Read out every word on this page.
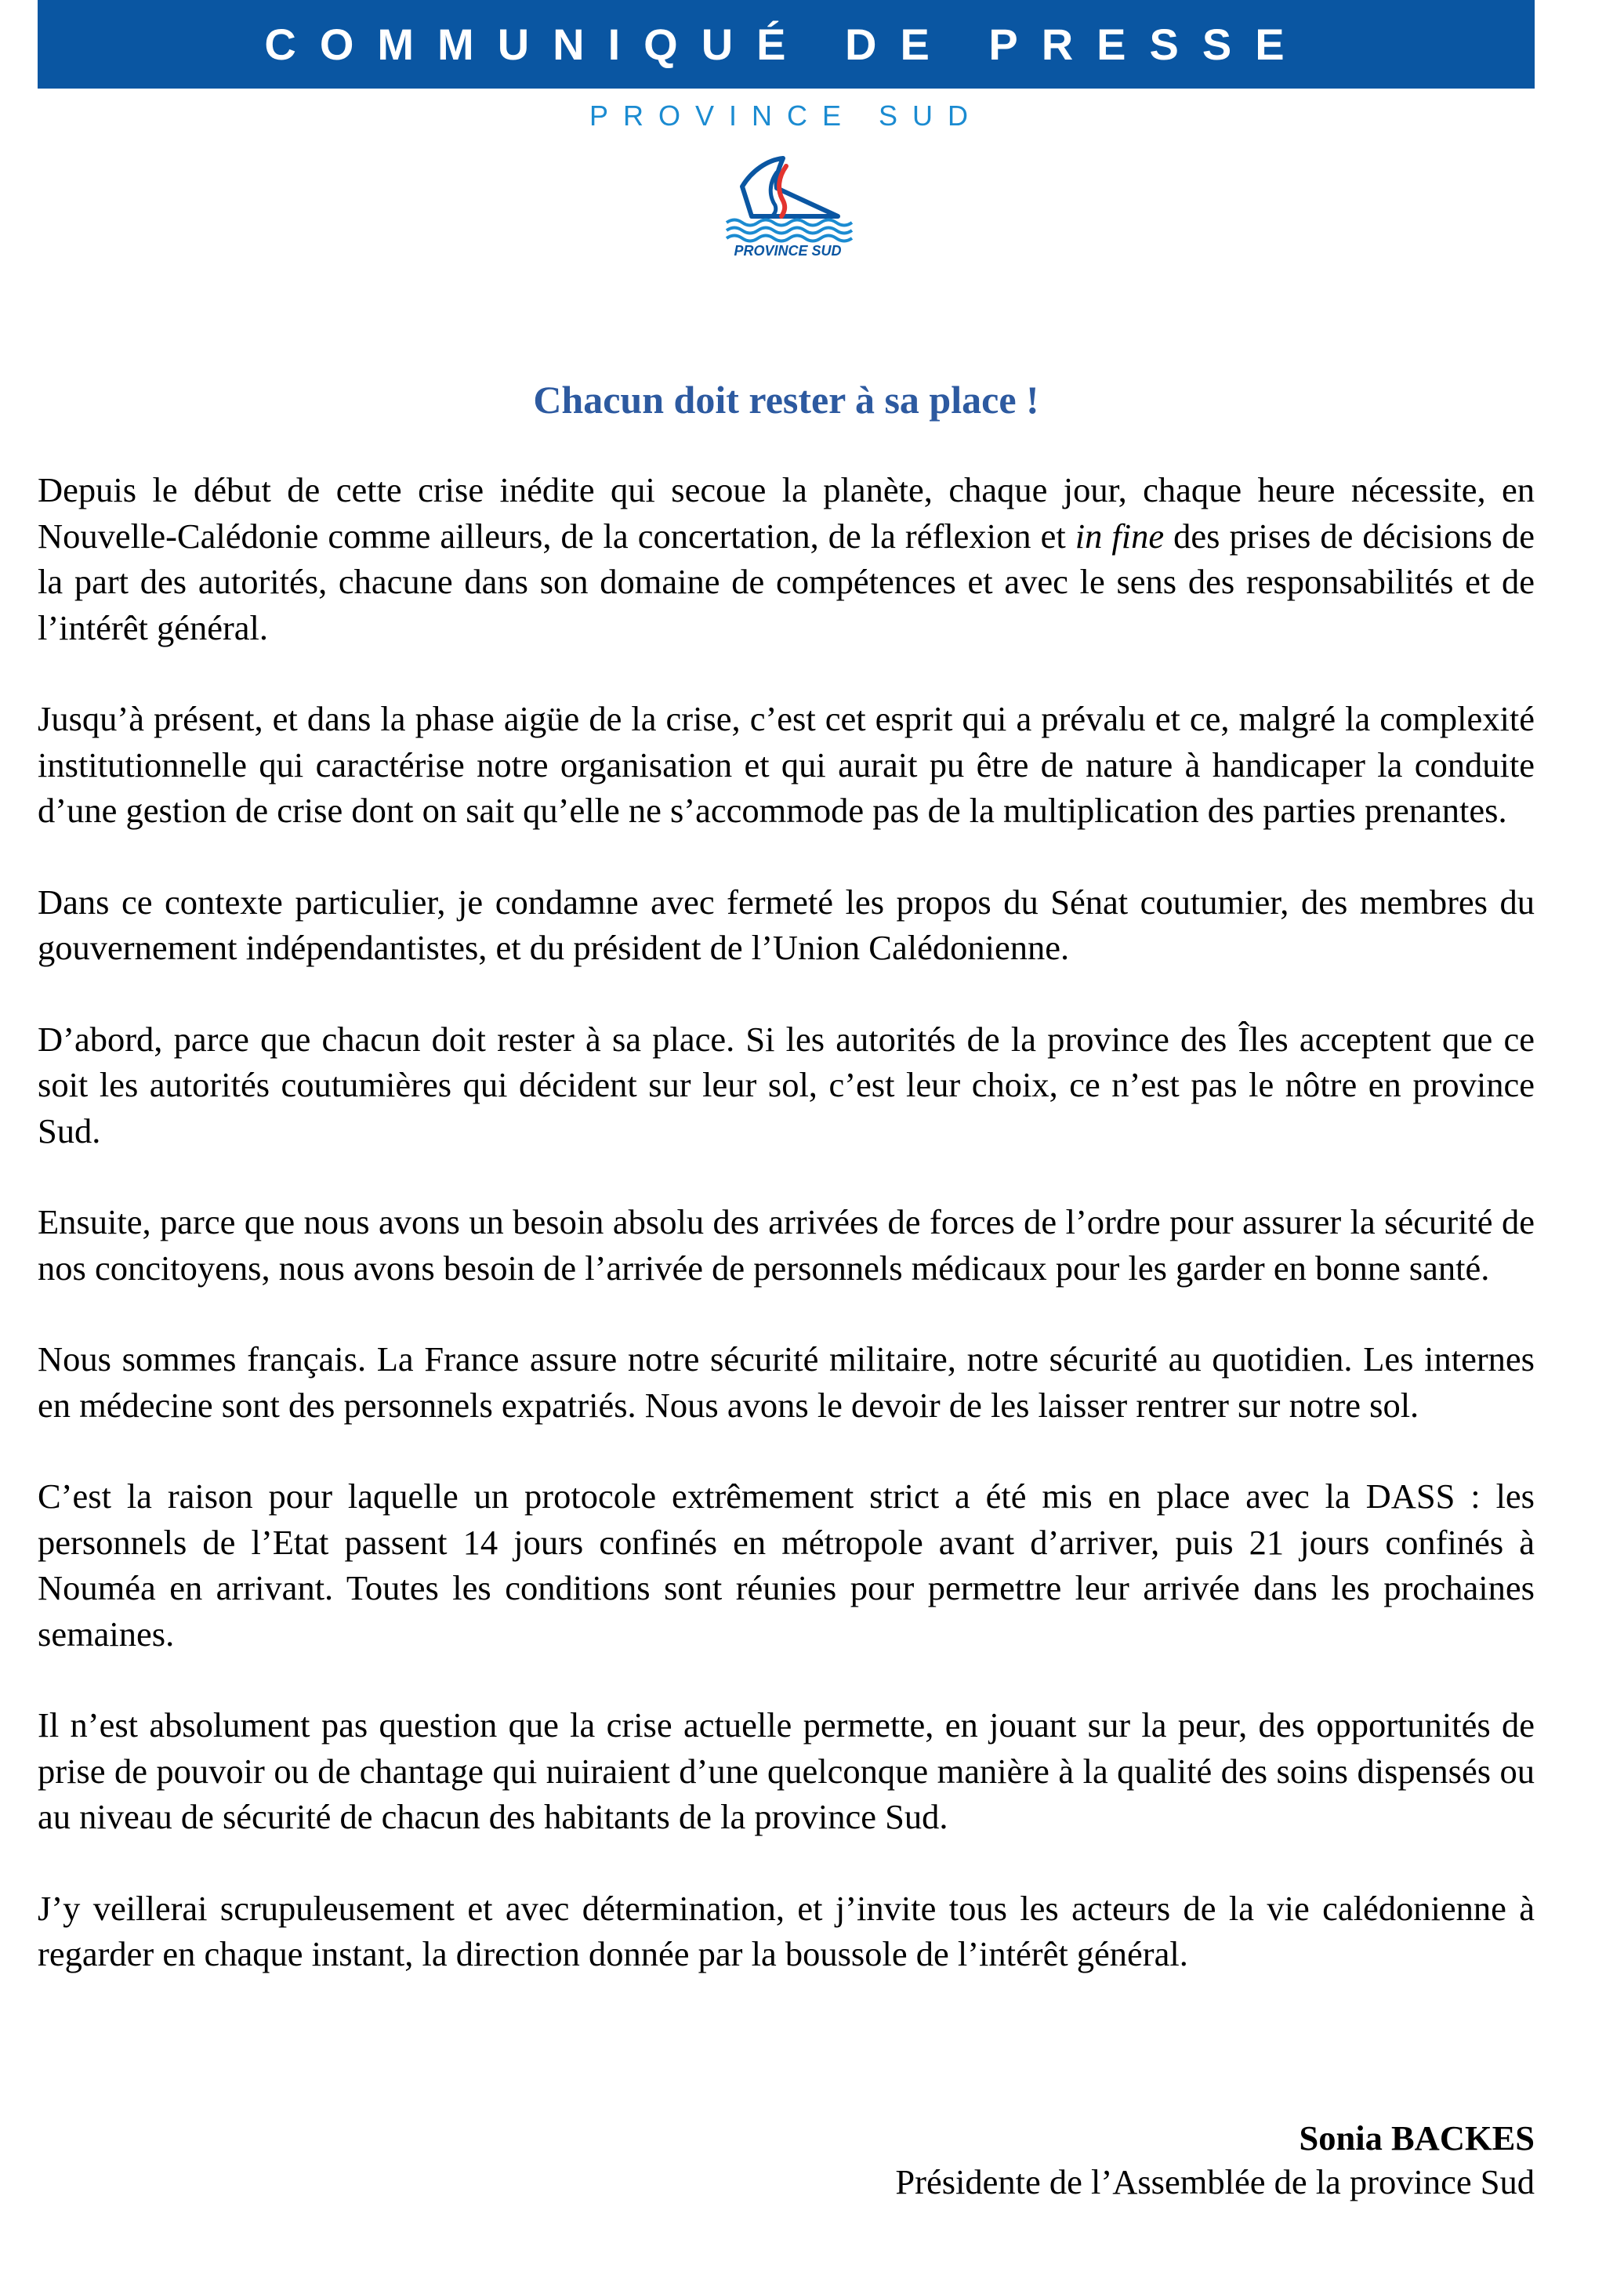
COMMUNIQUÉ DE PRESSE
PROVINCE SUD
PROVINCE SUD
Chacun doit rester à sa place !

Depuis le début de cette crise inédite qui secoue la planète, chaque jour, chaque heure nécessite, en Nouvelle-Calédonie comme ailleurs, de la concertation, de la réflexion et in fine des prises de décisions de la part des autorités, chacune dans son domaine de compétences et avec le sens des responsabilités et de l’intérêt général.

Jusqu’à présent, et dans la phase aigüe de la crise, c’est cet esprit qui a prévalu et ce, malgré la complexité institutionnelle qui caractérise notre organisation et qui aurait pu être de nature à handicaper la conduite d’une gestion de crise dont on sait qu’elle ne s’accommode pas de la multiplication des parties prenantes.

Dans ce contexte particulier, je condamne avec fermeté les propos du Sénat coutumier, des membres du gouvernement indépendantistes, et du président de l’Union Calédonienne.

D’abord, parce que chacun doit rester à sa place. Si les autorités de la province des Îles acceptent que ce soit les autorités coutumières qui décident sur leur sol, c’est leur choix, ce n’est pas le nôtre en province Sud.

Ensuite, parce que nous avons un besoin absolu des arrivées de forces de l’ordre pour assurer la sécurité de nos concitoyens, nous avons besoin de l’arrivée de personnels médicaux pour les garder en bonne santé.

Nous sommes français. La France assure notre sécurité militaire, notre sécurité au quotidien. Les internes en médecine sont des personnels expatriés. Nous avons le devoir de les laisser rentrer sur notre sol.

C’est la raison pour laquelle un protocole extrêmement strict a été mis en place avec la DASS : les personnels de l’Etat passent 14 jours confinés en métropole avant d’arriver, puis 21 jours confinés à Nouméa en arrivant. Toutes les conditions sont réunies pour permettre leur arrivée dans les prochaines semaines.

Il n’est absolument pas question que la crise actuelle permette, en jouant sur la peur, des opportunités de prise de pouvoir ou de chantage qui nuiraient d’une quelconque manière à la qualité des soins dispensés ou au niveau de sécurité de chacun des habitants de la province Sud.

J’y veillerai scrupuleusement et avec détermination, et j’invite tous les acteurs de la vie calédonienne à regarder en chaque instant, la direction donnée par la boussole de l’intérêt général.

Sonia BACKES
Présidente de l’Assemblée de la province Sud
